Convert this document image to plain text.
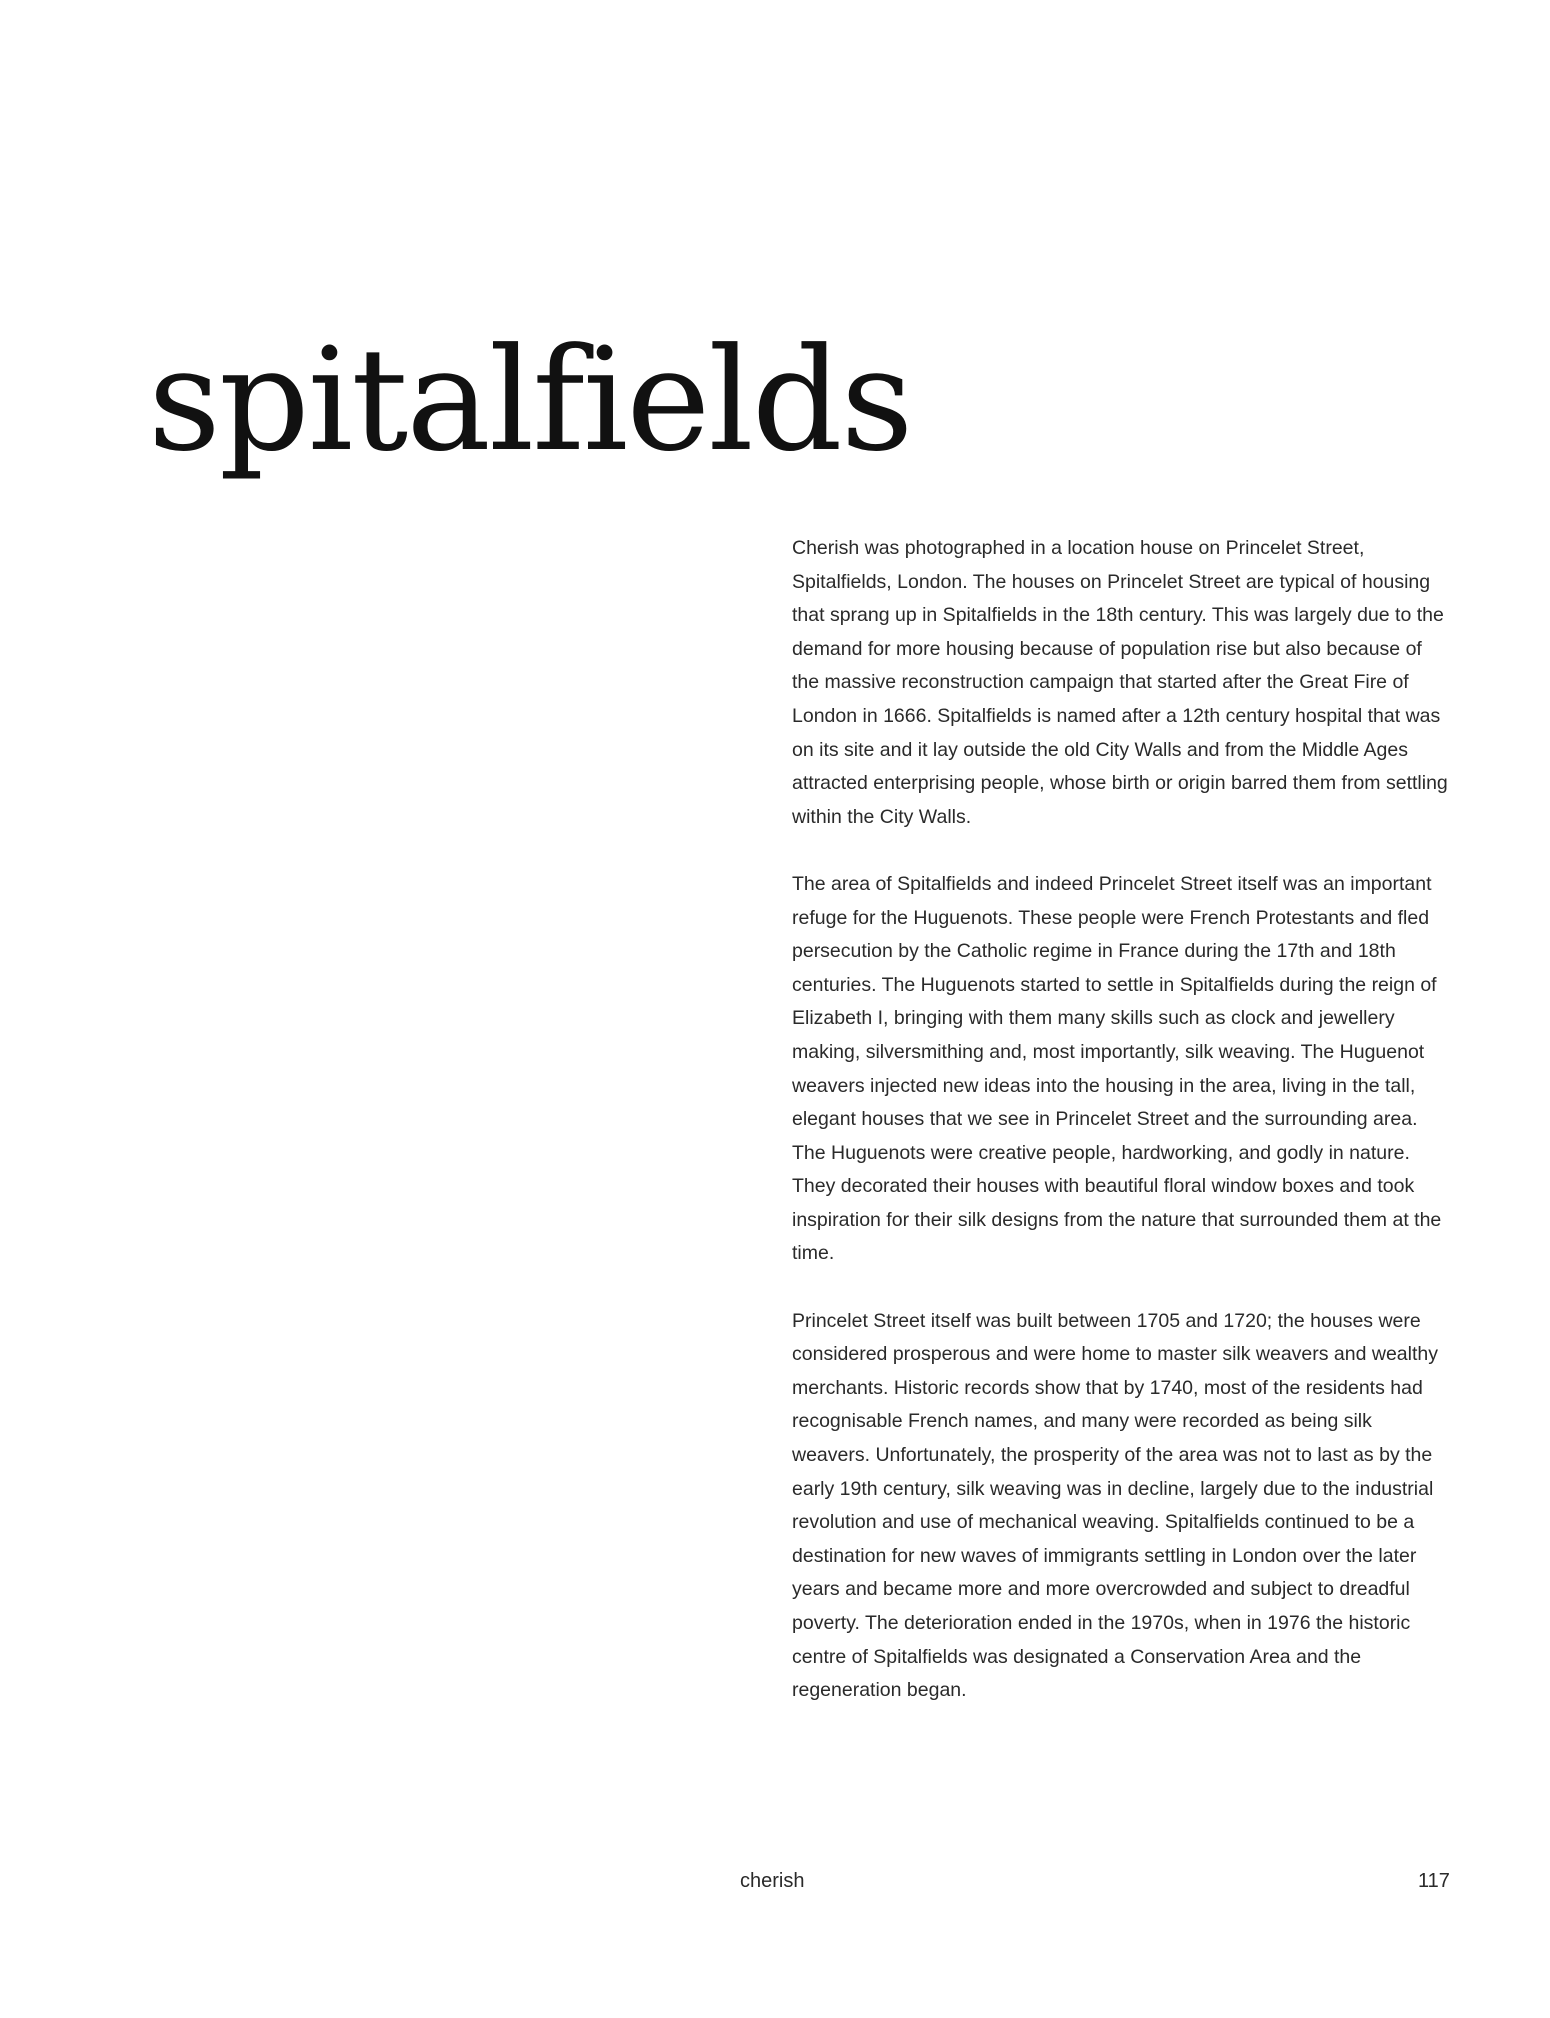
spitalfields

Cherish was photographed in a location house on Princelet Street, Spitalfields, London. The houses on Princelet Street are typical of housing that sprang up in Spitalfields in the 18th century. This was largely due to the demand for more housing because of population rise but also because of the massive reconstruction campaign that started after the Great Fire of London in 1666. Spitalfields is named after a 12th century hospital that was on its site and it lay outside the old City Walls and from the Middle Ages attracted enterprising people, whose birth or origin barred them from settling within the City Walls.

The area of Spitalfields and indeed Princelet Street itself was an important refuge for the Huguenots. These people were French Protestants and fled persecution by the Catholic regime in France during the 17th and 18th centuries. The Huguenots started to settle in Spitalfields during the reign of Elizabeth I, bringing with them many skills such as clock and jewellery making, silversmithing and, most importantly, silk weaving. The Huguenot weavers injected new ideas into the housing in the area, living in the tall, elegant houses that we see in Princelet Street and the surrounding area. The Huguenots were creative people, hardworking, and godly in nature. They decorated their houses with beautiful floral window boxes and took inspiration for their silk designs from the nature that surrounded them at the time.

Princelet Street itself was built between 1705 and 1720; the houses were considered prosperous and were home to master silk weavers and wealthy merchants. Historic records show that by 1740, most of the residents had recognisable French names, and many were recorded as being silk weavers. Unfortunately, the prosperity of the area was not to last as by the early 19th century, silk weaving was in decline, largely due to the industrial revolution and use of mechanical weaving. Spitalfields continued to be a destination for new waves of immigrants settling in London over the later years and became more and more overcrowded and subject to dreadful poverty. The deterioration ended in the 1970s, when in 1976 the historic centre of Spitalfields was designated a Conservation Area and the regeneration began.

cherish	117
